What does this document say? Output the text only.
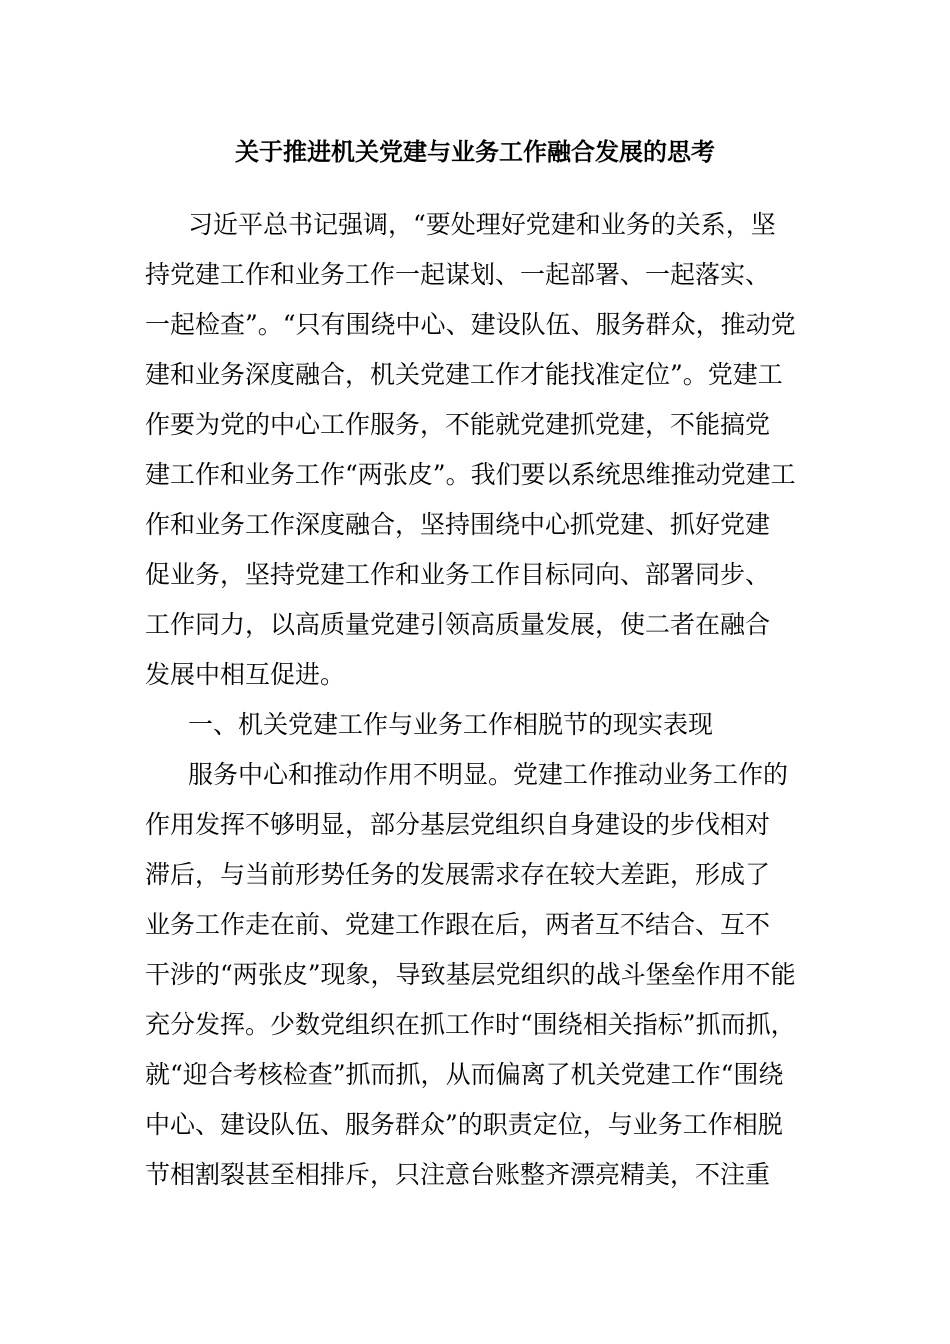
关于推进机关党建与业务工作融合发展的思考
习近平总书记强调，“要处理好党建和业务的关系，坚
持党建工作和业务工作一起谋划、一起部署、一起落实、
一起检查”。“只有围绕中心、建设队伍、服务群众，推动党
建和业务深度融合，机关党建工作才能找准定位”。党建工
作要为党的中心工作服务，不能就党建抓党建，不能搞党
建工作和业务工作“两张皮”。我们要以系统思维推动党建工
作和业务工作深度融合，坚持围绕中心抓党建、抓好党建
促业务，坚持党建工作和业务工作目标同向、部署同步、
工作同力，以高质量党建引领高质量发展，使二者在融合
发展中相互促进。
一、机关党建工作与业务工作相脱节的现实表现
服务中心和推动作用不明显。党建工作推动业务工作的
作用发挥不够明显，部分基层党组织自身建设的步伐相对
滞后，与当前形势任务的发展需求存在较大差距，形成了
业务工作走在前、党建工作跟在后，两者互不结合、互不
干涉的“两张皮”现象，导致基层党组织的战斗堡垒作用不能
充分发挥。少数党组织在抓工作时“围绕相关指标”抓而抓，
就“迎合考核检查”抓而抓，从而偏离了机关党建工作“围绕
中心、建设队伍、服务群众”的职责定位，与业务工作相脱
节相割裂甚至相排斥，只注意台账整齐漂亮精美，不注重
